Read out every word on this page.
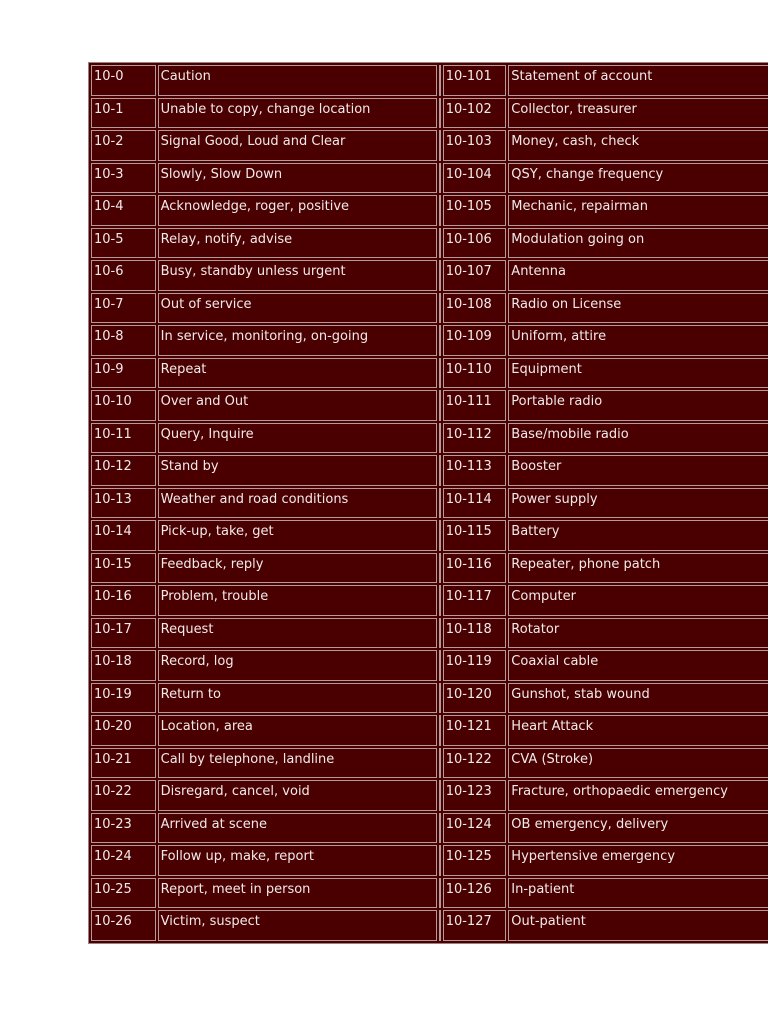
10-0	Caution		10-101	Statement of account
10-1	Unable to copy, change location		10-102	Collector, treasurer
10-2	Signal Good, Loud and Clear		10-103	Money, cash, check
10-3	Slowly, Slow Down		10-104	QSY, change frequency
10-4	Acknowledge, roger, positive		10-105	Mechanic, repairman
10-5	Relay, notify, advise		10-106	Modulation going on
10-6	Busy, standby unless urgent		10-107	Antenna
10-7	Out of service		10-108	Radio on License
10-8	In service, monitoring, on-going		10-109	Uniform, attire
10-9	Repeat		10-110	Equipment
10-10	Over and Out		10-111	Portable radio
10-11	Query, Inquire		10-112	Base/mobile radio
10-12	Stand by		10-113	Booster
10-13	Weather and road conditions		10-114	Power supply
10-14	Pick-up, take, get		10-115	Battery
10-15	Feedback, reply		10-116	Repeater, phone patch
10-16	Problem, trouble		10-117	Computer
10-17	Request		10-118	Rotator
10-18	Record, log		10-119	Coaxial cable
10-19	Return to		10-120	Gunshot, stab wound
10-20	Location, area		10-121	Heart Attack
10-21	Call by telephone, landline		10-122	CVA (Stroke)
10-22	Disregard, cancel, void		10-123	Fracture, orthopaedic emergency
10-23	Arrived at scene		10-124	OB emergency, delivery
10-24	Follow up, make, report		10-125	Hypertensive emergency
10-25	Report, meet in person		10-126	In-patient
10-26	Victim, suspect		10-127	Out-patient
